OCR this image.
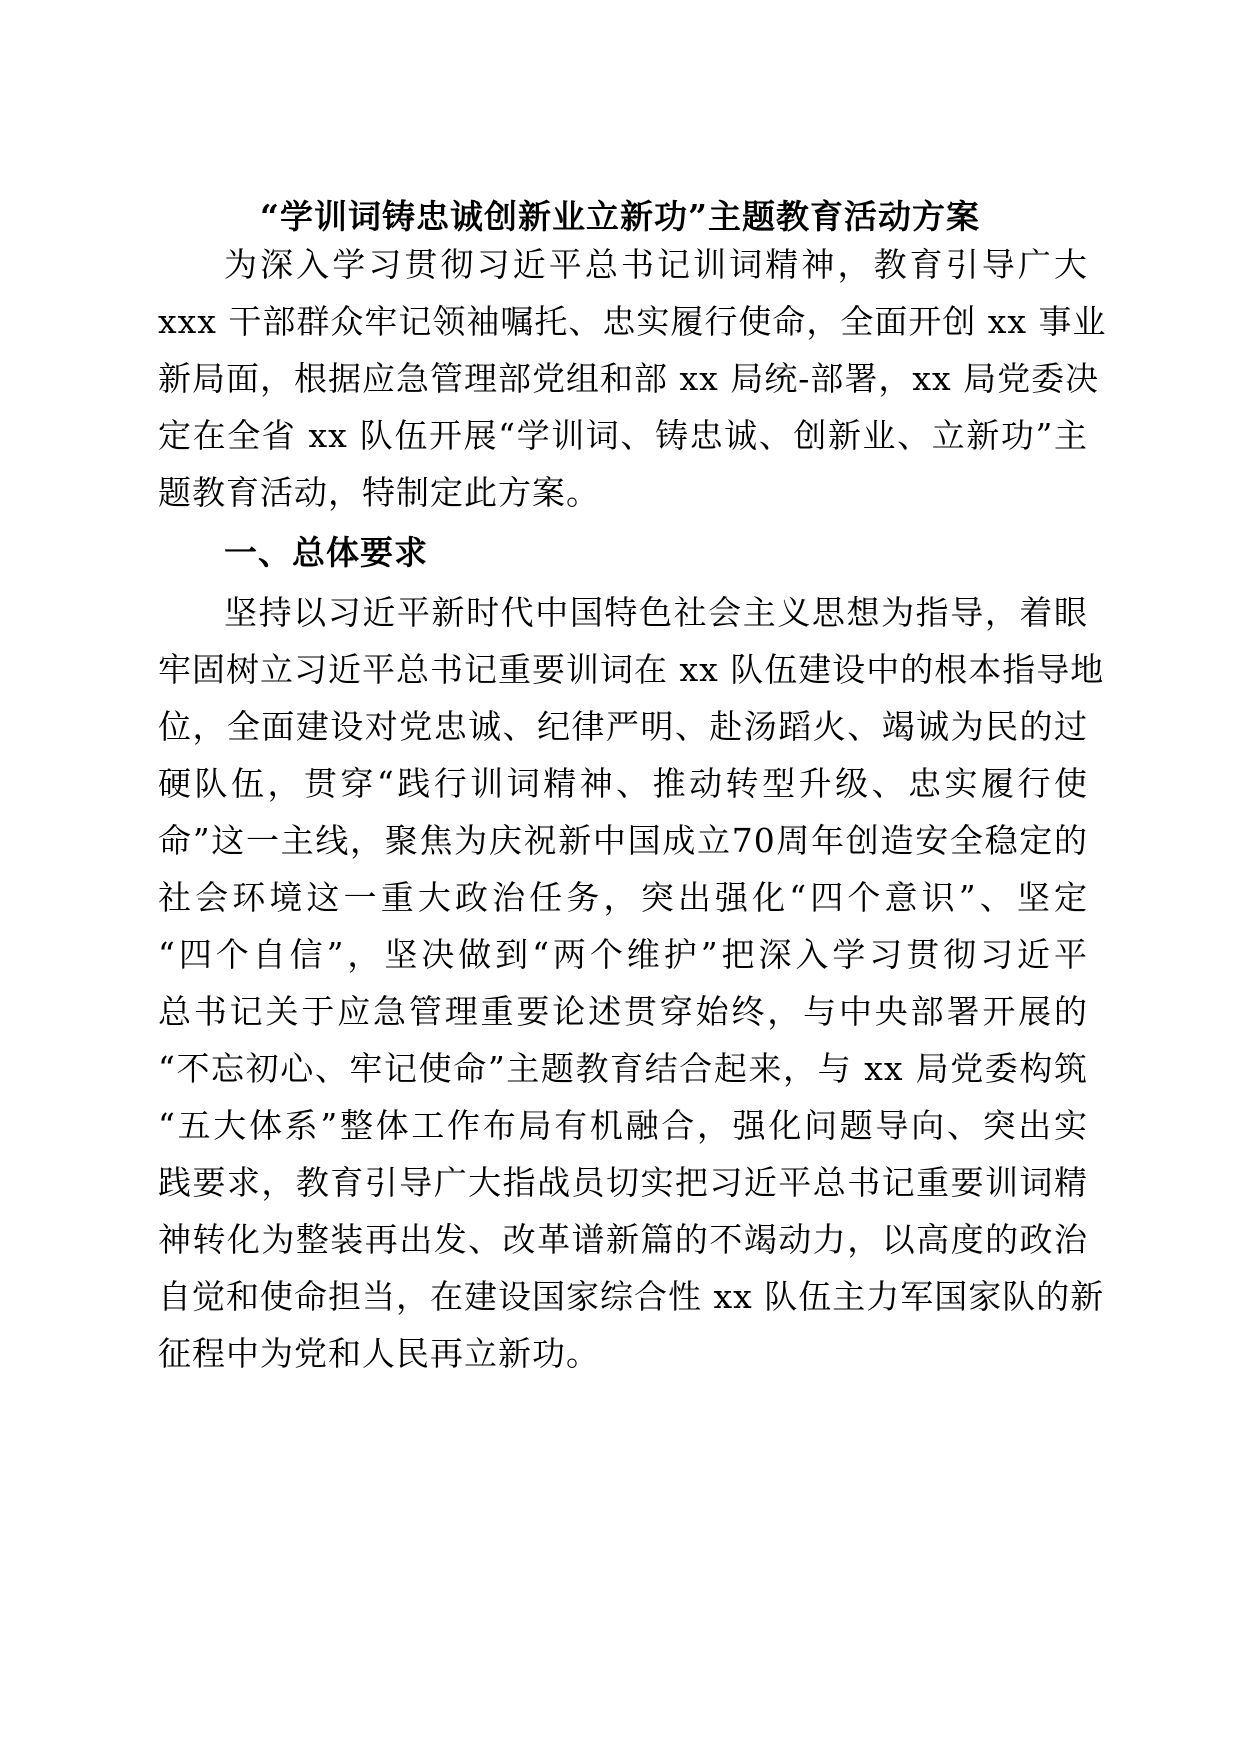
“学训词铸忠诚创新业立新功”主题教育活动方案
为深入学习贯彻习近平总书记训词精神，教育引导广大
xxx 干部群众牢记领袖嘱托、忠实履行使命，全面开创 xx 事业
新局面，根据应急管理部党组和部 xx 局统-部署，xx 局党委决
定在全省 xx 队伍开展“学训词、铸忠诚、创新业、立新功”主
题教育活动，特制定此方案。
一、总体要求
坚持以习近平新时代中国特色社会主义思想为指导，着眼
牢固树立习近平总书记重要训词在 xx 队伍建设中的根本指导地
位，全面建设对党忠诚、纪律严明、赴汤蹈火、竭诚为民的过
硬队伍，贯穿“践行训词精神、推动转型升级、忠实履行使
命”这一主线，聚焦为庆祝新中国成立70周年创造安全稳定的
社会环境这一重大政治任务，突出强化“四个意识”、坚定
“四个自信”，坚决做到“两个维护”把深入学习贯彻习近平
总书记关于应急管理重要论述贯穿始终，与中央部署开展的
“不忘初心、牢记使命”主题教育结合起来，与 xx 局党委构筑
“五大体系”整体工作布局有机融合，强化问题导向、突出实
践要求，教育引导广大指战员切实把习近平总书记重要训词精
神转化为整装再出发、改革谱新篇的不竭动力，以高度的政治
自觉和使命担当，在建设国家综合性 xx 队伍主力军国家队的新
征程中为党和人民再立新功。
